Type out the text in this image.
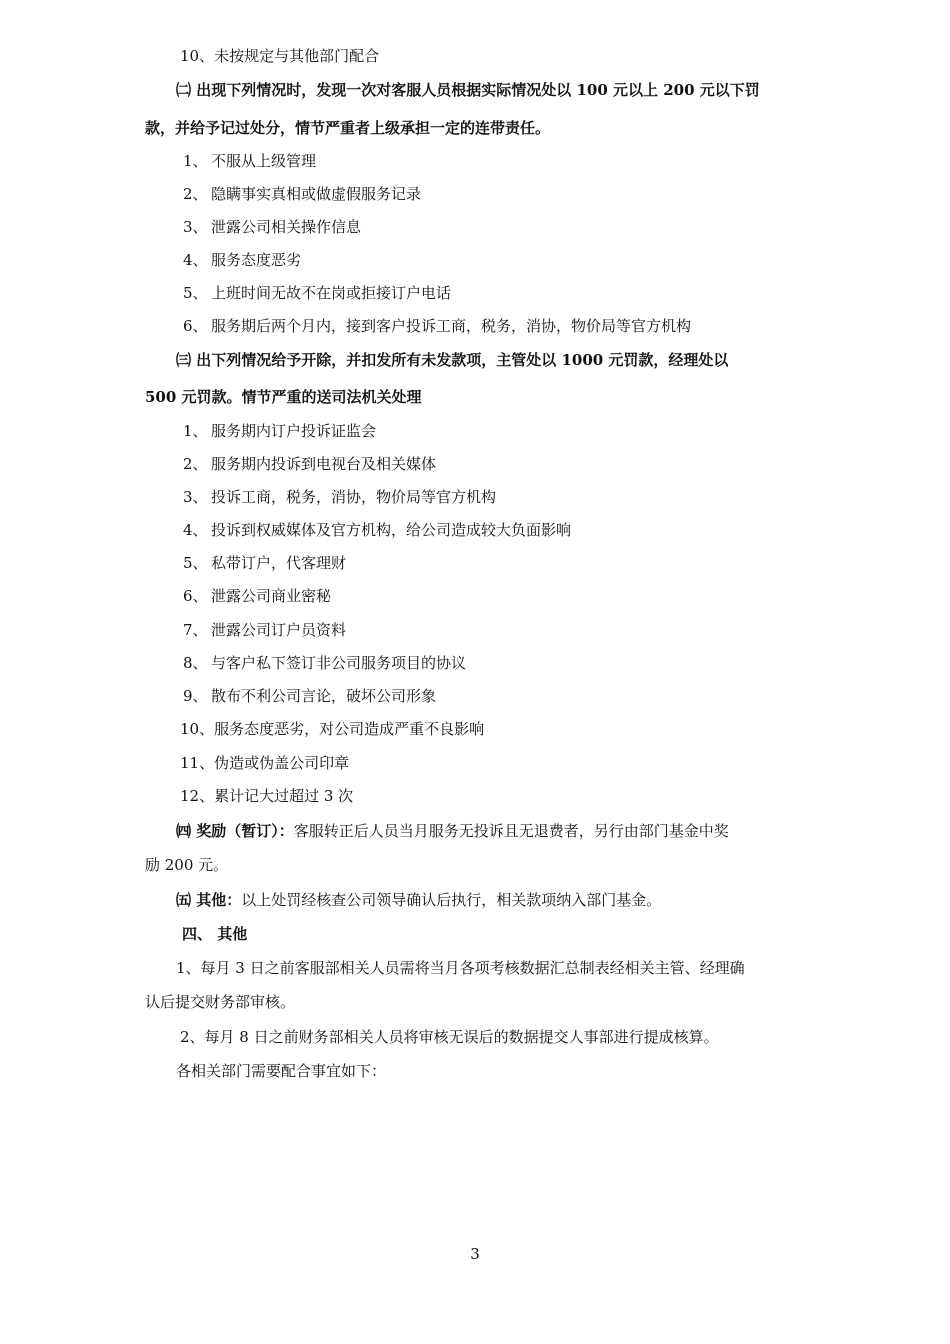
10、未按规定与其他部门配合
㈡ 出现下列情况时，发现一次对客服人员根据实际情况处以 100 元以上 200 元以下罚
款，并给予记过处分，情节严重者上级承担一定的连带责任。
1、 不服从上级管理
2、 隐瞒事实真相或做虚假服务记录
3、 泄露公司相关操作信息
4、 服务态度恶劣
5、 上班时间无故不在岗或拒接订户电话
6、 服务期后两个月内，接到客户投诉工商，税务，消协，物价局等官方机构
㈢ 出下列情况给予开除，并扣发所有未发款项，主管处以 1000 元罚款，经理处以
500 元罚款。情节严重的送司法机关处理
1、 服务期内订户投诉证监会
2、 服务期内投诉到电视台及相关媒体
3、 投诉工商，税务，消协，物价局等官方机构
4、 投诉到权威媒体及官方机构，给公司造成较大负面影响
5、 私带订户，代客理财
6、 泄露公司商业密秘
7、 泄露公司订户员资料
8、 与客户私下签订非公司服务项目的协议
9、 散布不利公司言论，破坏公司形象
10、服务态度恶劣，对公司造成严重不良影响
11、伪造或伪盖公司印章
12、累计记大过超过 3 次
㈣ 奖励（暂订）：客服转正后人员当月服务无投诉且无退费者，另行由部门基金中奖
励 200 元。
㈤ 其他：以上处罚经核查公司领导确认后执行，相关款项纳入部门基金。
四、 其他
1、每月 3 日之前客服部相关人员需将当月各项考核数据汇总制表经相关主管、经理确
认后提交财务部审核。
2、每月 8 日之前财务部相关人员将审核无误后的数据提交人事部进行提成核算。
各相关部门需要配合事宜如下：
3
